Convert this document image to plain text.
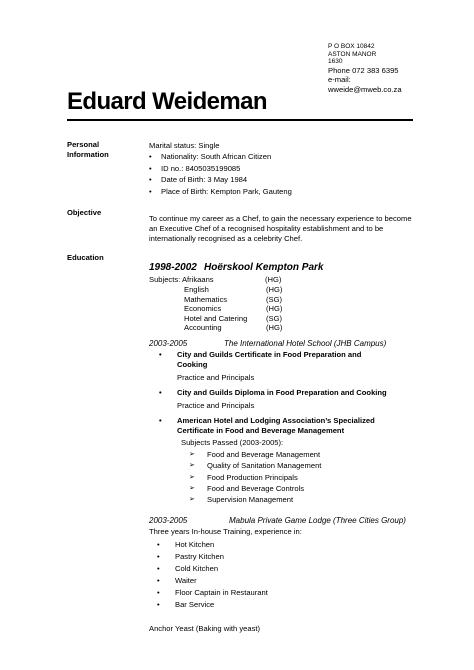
P O BOX 10842
ASTON MANOR
1630
Phone 072 383 6395
e-mail:
wweide@mweb.co.za
Eduard Weideman
Personal
Information
Marital status: Single
• Nationality: South African Citizen
• ID no.: 8405035199085
• Date of Birth: 3 May 1984
• Place of Birth: Kempton Park, Gauteng
Objective
To continue my career as a Chef, to gain the necessary experience to become an Executive Chef of a recognised hospitality establishment and to be internationally recognised as a celebrity Chef.
Education
1998-2002 Hoërskool Kempton Park
Subjects: Afrikaans	(HG)
English	(HG)
Mathematics	(SG)
Economics	(HG)
Hotel and Catering	(SG)
Accounting	(HG)
2003-2005	The International Hotel School (JHB Campus)
• City and Guilds Certificate in Food Preparation and Cooking
Practice and Principals
• City and Guilds Diploma in Food Preparation and Cooking
Practice and Principals
• American Hotel and Lodging Association’s Specialized Certificate in Food and Beverage Management
Subjects Passed (2003-2005):
➢ Food and Beverage Management
➢ Quality of Sanitation Management
➢ Food Production Principals
➢ Food and Beverage Controls
➢ Supervision Management
2003-2005	Mabula Private Game Lodge (Three Cities Group)
Three years In-house Training, experience in:
• Hot Kitchen
• Pastry Kitchen
• Cold Kitchen
• Waiter
• Floor Captain in Restaurant
• Bar Service
Anchor Yeast (Baking with yeast)
